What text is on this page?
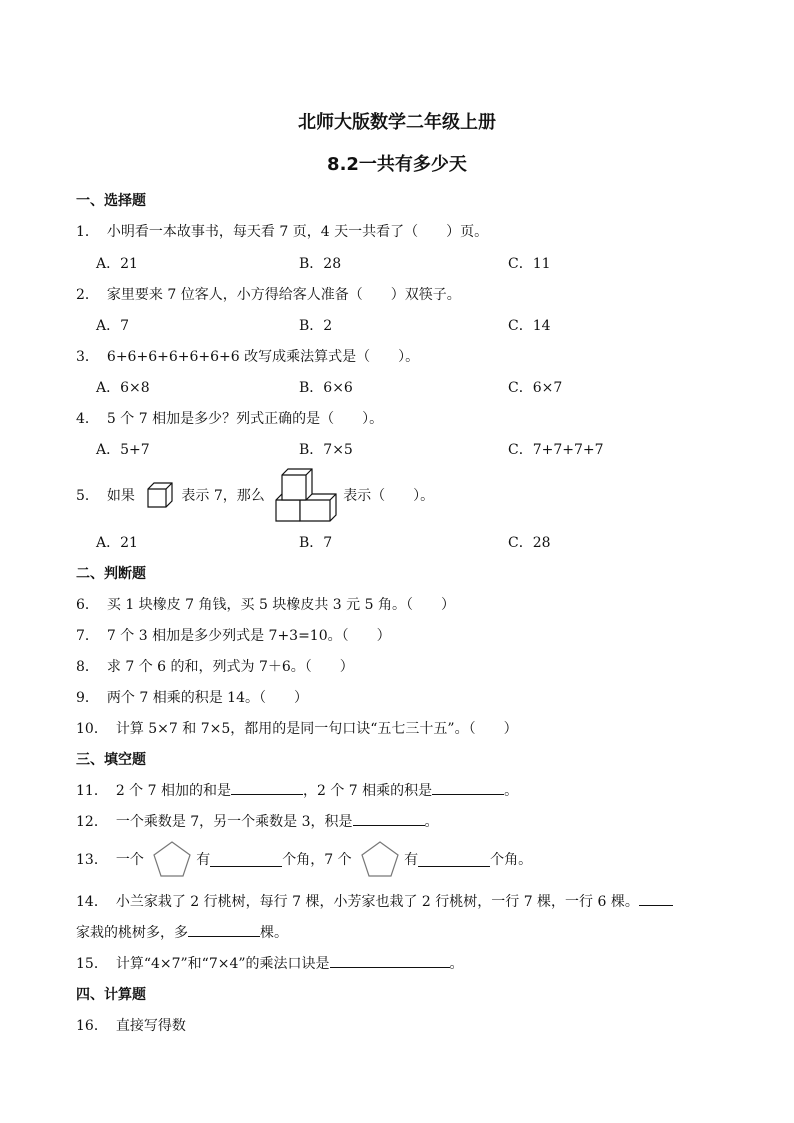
北师大版数学二年级上册
8.2一共有多少天
一、选择题
1． 小明看一本故事书，每天看 7 页，4 天一共看了（　　）页。
A．21	B．28	C．11
2． 家里要来 7 位客人，小方得给客人准备（　　）双筷子。
A．7	B．2	C．14
3． 6+6+6+6+6+6+6 改写成乘法算式是（　　）。
A．6×8	B．6×6	C．6×7
4． 5 个 7 相加是多少？列式正确的是（　　）。
A．5+7	B．7×5	C．7+7+7+7
5． 如果	表示 7，那么	表示（　　）。
A．21	B．7	C．28
二、判断题
6． 买 1 块橡皮 7 角钱，买 5 块橡皮共 3 元 5 角。（　　）
7． 7 个 3 相加是多少列式是 7+3=10。（　　）
8． 求 7 个 6 的和，列式为 7＋6。（　　）
9． 两个 7 相乘的积是 14。（　　）
10． 计算 5×7 和 7×5，都用的是同一句口诀“五七三十五”。（　　）
三、填空题
11． 2 个 7 相加的和是	，2 个 7 相乘的积是	。
12． 一个乘数是 7，另一个乘数是 3，积是	。
13． 一个	有	个角，7 个	有	个角。
14． 小兰家栽了 2 行桃树，每行 7 棵，小芳家也栽了 2 行桃树，一行 7 棵，一行 6 棵。
家栽的桃树多，多	棵。
15． 计算“4×7”和“7×4”的乘法口诀是	。
四、计算题
16． 直接写得数
